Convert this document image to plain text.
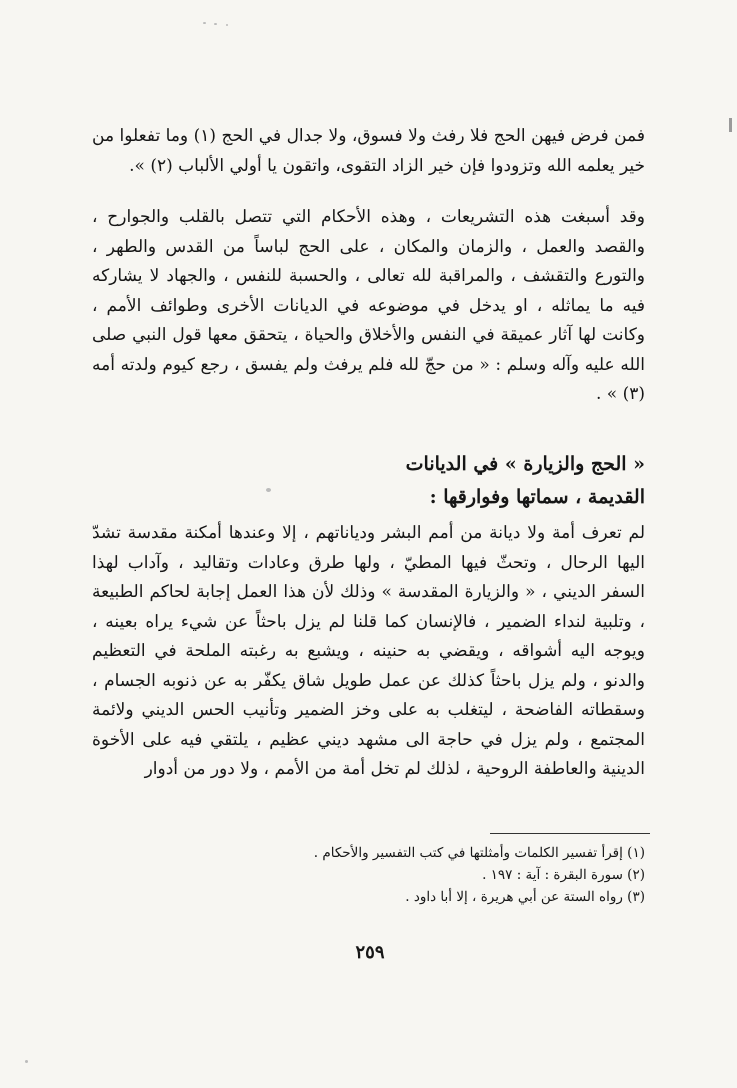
فمن فرض فيهن الحج فلا رفث ولا فسوق، ولا جدال في الحج (١) وما تفعلوا من خير يعلمه الله وتزودوا فإن خير الزاد التقوى، واتقون يا أولي الألباب (٢) ».

وقد أسبغت هذه التشريعات ، وهذه الأحكام التي تتصل بالقلب والجوارح ، والقصد والعمل ، والزمان والمكان ، على الحج لباساً من القدس والطهر ، والتورع والتقشف ، والمراقبة لله تعالى ، والحسبة للنفس ، والجهاد لا يشاركه فيه ما يماثله ، او يدخل في موضوعه في الديانات الأخرى وطوائف الأمم ، وكانت لها آثار عميقة في النفس والأخلاق والحياة ، يتحقق معها قول النبي صلى الله عليه وآله وسلم : « من حجّ لله فلم يرفث ولم يفسق ، رجع كيوم ولدته أمه (٣) » .

« الحج والزيارة » في الديانات
القديمة ، سماتها وفوارقها :

لم تعرف أمة ولا ديانة من أمم البشر ودياناتهم ، إلا وعندها أمكنة مقدسة تشدّ اليها الرحال ، وتحثّ فيها المطيّ ، ولها طرق وعادات وتقاليد ، وآداب لهذا السفر الديني ، « والزيارة المقدسة » وذلك لأن هذا العمل إجابة لحاكم الطبيعة ، وتلبية لنداء الضمير ، فالإنسان كما قلنا لم يزل باحثاً عن شيء يراه بعينه ، ويوجه اليه أشواقه ، ويقضي به حنينه ، ويشبع به رغبته الملحة في التعظيم والدنو ، ولم يزل باحثاً كذلك عن عمل طويل شاق يكفّر به عن ذنوبه الجسام ، وسقطاته الفاضحة ، ليتغلب به على وخز الضمير وتأنيب الحس الديني ولائمة المجتمع ، ولم يزل في حاجة الى مشهد ديني عظيم ، يلتقي فيه على الأخوة الدينية والعاطفة الروحية ، لذلك لم تخل أمة من الأمم ، ولا دور من أدوار

(١) إقرأ تفسير الكلمات وأمثلتها في كتب التفسير والأحكام .
(٢) سورة البقرة : آية : ١٩٧ .
(٣) رواه الستة عن أبي هريرة ، إلا أبا داود .
٢٥٩
